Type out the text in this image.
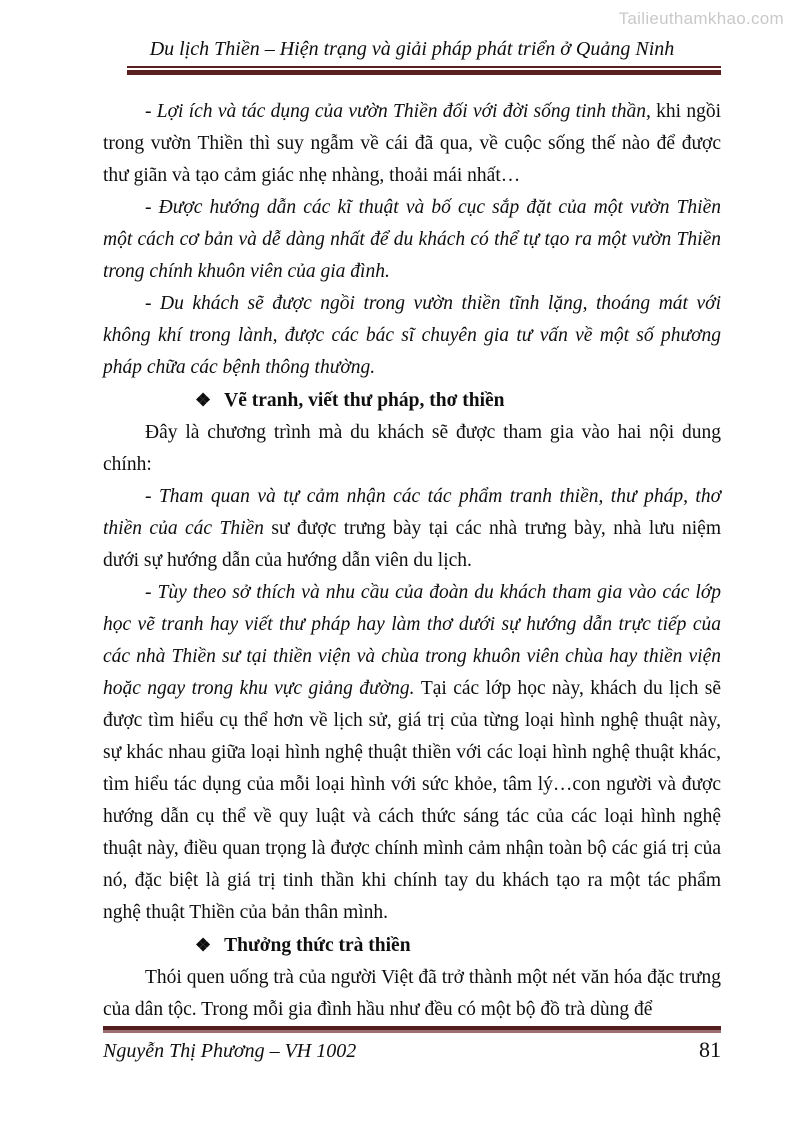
Tailieuthamkhao.com
Du lịch Thiền – Hiện trạng và giải pháp phát triển ở Quảng Ninh

- Lợi ích và tác dụng của vườn Thiền đối với đời sống tinh thần, khi ngồi trong vườn Thiền thì suy ngẫm về cái đã qua, về cuộc sống thế nào để được thư giãn và tạo cảm giác nhẹ nhàng, thoải mái nhất…

- Được hướng dẫn các kĩ thuật và bố cục sắp đặt của một vườn Thiền một cách cơ bản và dễ dàng nhất để du khách có thể tự tạo ra một vườn Thiền trong chính khuôn viên của gia đình.

- Du khách sẽ được ngồi trong vườn thiền tĩnh lặng, thoáng mát với không khí trong lành, được các bác sĩ chuyên gia tư vấn về một số phương pháp chữa các bệnh thông thường.

❖ Vẽ tranh, viết thư pháp, thơ thiền

Đây là chương trình mà du khách sẽ được tham gia vào hai nội dung chính:

- Tham quan và tự cảm nhận các tác phẩm tranh thiền, thư pháp, thơ thiền của các Thiền sư được trưng bày tại các nhà trưng bày, nhà lưu niệm dưới sự hướng dẫn của hướng dẫn viên du lịch.

- Tùy theo sở thích và nhu cầu của đoàn du khách tham gia vào các lớp học vẽ tranh hay viết thư pháp hay làm thơ dưới sự hướng dẫn trực tiếp của các nhà Thiền sư tại thiền viện và chùa trong khuôn viên chùa hay thiền viện hoặc ngay trong khu vực giảng đường. Tại các lớp học này, khách du lịch sẽ được tìm hiểu cụ thể hơn về lịch sử, giá trị của từng loại hình nghệ thuật này, sự khác nhau giữa loại hình nghệ thuật thiền với các loại hình nghệ thuật khác, tìm hiểu tác dụng của mỗi loại hình với sức khỏe, tâm lý…con người và được hướng dẫn cụ thể về quy luật và cách thức sáng tác của các loại hình nghệ thuật này, điều quan trọng là được chính mình cảm nhận toàn bộ các giá trị của nó, đặc biệt là giá trị tinh thần khi chính tay du khách tạo ra một tác phẩm nghệ thuật Thiền của bản thân mình.

❖ Thưởng thức trà thiền

Thói quen uống trà của người Việt đã trở thành một nét văn hóa đặc trưng của dân tộc. Trong mỗi gia đình hầu như đều có một bộ đồ trà dùng để

Nguyễn Thị Phương – VH 1002	81
